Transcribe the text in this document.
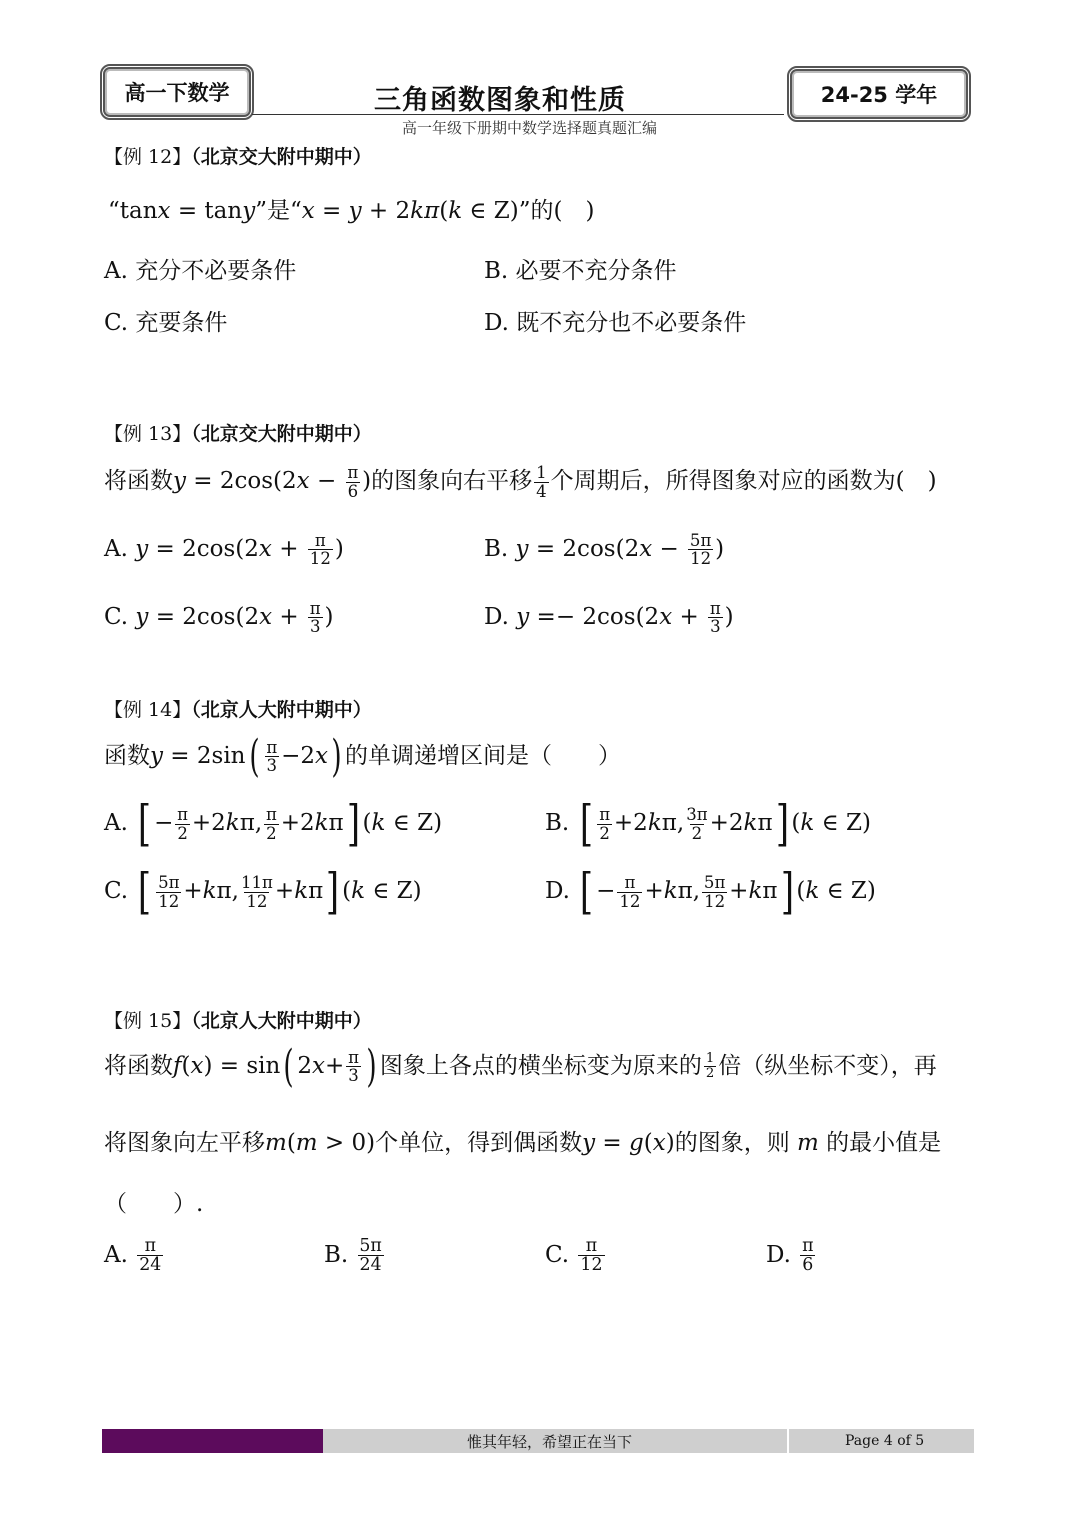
高一下数学	三角函数图象和性质	24-25 学年
高一年级下册期中数学选择题真题汇编
【例 12】（北京交大附中期中）
“tanx = tany”是“x = y + 2kπ(k ∈ Z)”的(　)
A. 充分不必要条件	B. 必要不充分条件
C. 充要条件	D. 既不充分也不必要条件
【例 13】（北京交大附中期中）
将函数$y = 2\cos(2x - \frac{\pi}{6}$ )的图象向右平移 $\frac{1}{4}$ 个周期后，所得图象对应的函数为(　)
A. $y = 2\cos(2x + \frac{\pi}{12}$ )	B. $y = 2\cos(2x - \frac{5\pi}{12}$ )
C. $y = 2\cos(2x + \frac{\pi}{3}$ )	D. $y =- 2\cos(2x + \frac{\pi}{3}$ )
【例 14】（北京人大附中期中）
函数$y = 2\sin( \frac{\pi}{3} -2x)$ 的单调递增区间是（　　）
A. [ − $\frac{\pi}{2} +2k\pi$, $\frac{\pi}{2} +2k\pi$] (k ∈ Z)	B. [ $\frac{\pi}{2} +2k\pi$, $\frac{3\pi}{2} +2k\pi$] (k ∈ Z)
C. [ $\frac{5\pi}{12} +k\pi$, $\frac{11\pi}{12} +k\pi$] (k ∈ Z)	D. [ − $\frac{\pi}{12} +k\pi$, $\frac{5\pi}{12} +k\pi$] (k ∈ Z)
【例 15】（北京人大附中期中）
将函数f(x) = sin( $2x+ \frac{\pi}{3}$ ) 图象上各点的横坐标变为原来的 $\frac{1}{2}$ 倍（纵坐标不变），再
将图象向左平移m(m > 0)个单位，得到偶函数y = g(x)的图象，则 m 的最小值是
（　　）.
A. $\frac{\pi}{24}$	B. $\frac{5\pi}{24}$	C. $\frac{\pi}{12}$	D. $\frac{\pi}{6}$
惟其年轻，希望正在当下	Page 4 of 5
